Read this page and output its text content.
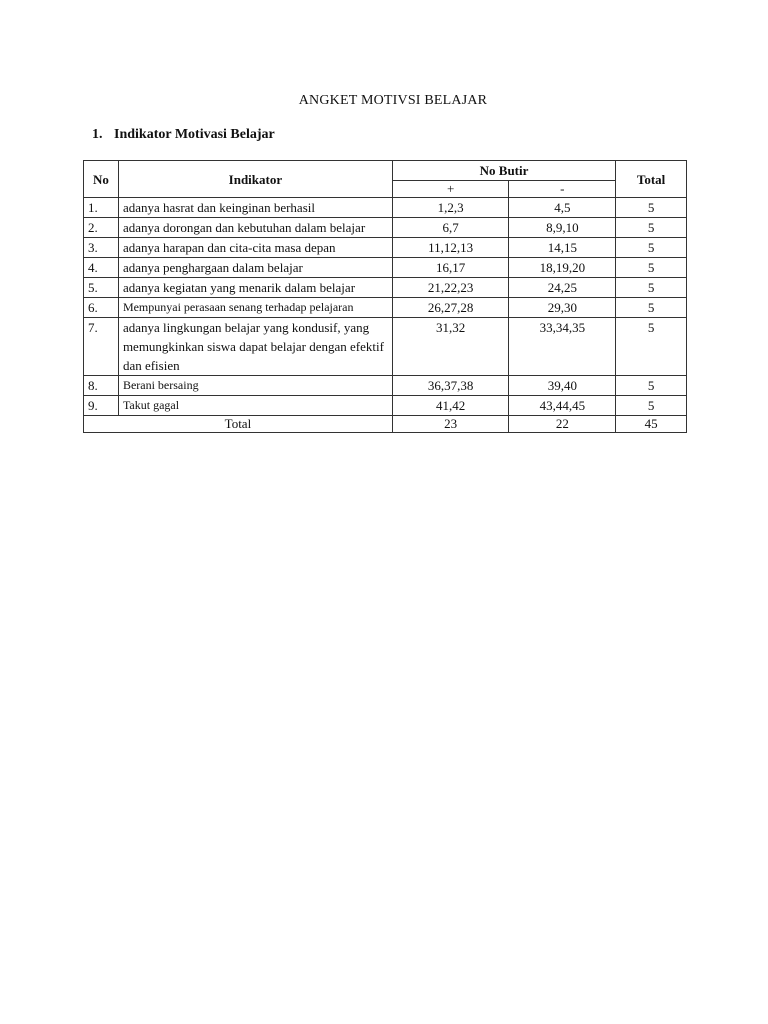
ANGKET MOTIVSI BELAJAR
1. Indikator Motivasi Belajar
No	Indikator	No Butir		Total
		+	-	
1.	adanya hasrat dan keinginan berhasil	1,2,3	4,5	5
2.	adanya dorongan dan kebutuhan dalam belajar	6,7	8,9,10	5
3.	adanya harapan dan cita-cita masa depan	11,12,13	14,15	5
4.	adanya penghargaan dalam belajar	16,17	18,19,20	5
5.	adanya kegiatan yang menarik dalam belajar	21,22,23	24,25	5
6.	Mempunyai perasaan senang terhadap pelajaran	26,27,28	29,30	5
7.	adanya lingkungan belajar yang kondusif, yang memungkinkan siswa dapat belajar dengan efektif dan efisien	31,32	33,34,35	5
8.	Berani bersaing	36,37,38	39,40	5
9.	Takut gagal	41,42	43,44,45	5
Total		23	22	45
